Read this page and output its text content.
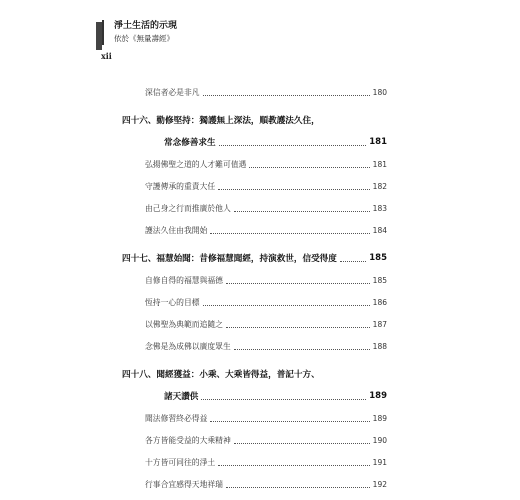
淨土生活的示現
依於《無量壽經》
xii
深信者必是非凡	180
四十六、勤修堅持：獨護無上深法，順教護法久住，
常念修善求生	181
弘揚佛聖之道的人才難可值遇	181
守護傳承的重責大任	182
由己身之行而推廣於他人	183
護法久住由我開始	184
四十七、福慧始聞：昔修福慧聞經，持演救世，信受得度	185
自修自得的福慧與福德	185
恆持一心的目標	186
以佛聖為典範而追隨之	187
念佛是為成佛以廣度眾生	188
四十八、聞經獲益：小乘、大乘皆得益，普記十方、
諸天讚供	189
聞法修習終必得益	189
各方皆能受益的大乘精神	190
十方皆可同往的淨土	191
行事合宜感得天地祥瑞	192
